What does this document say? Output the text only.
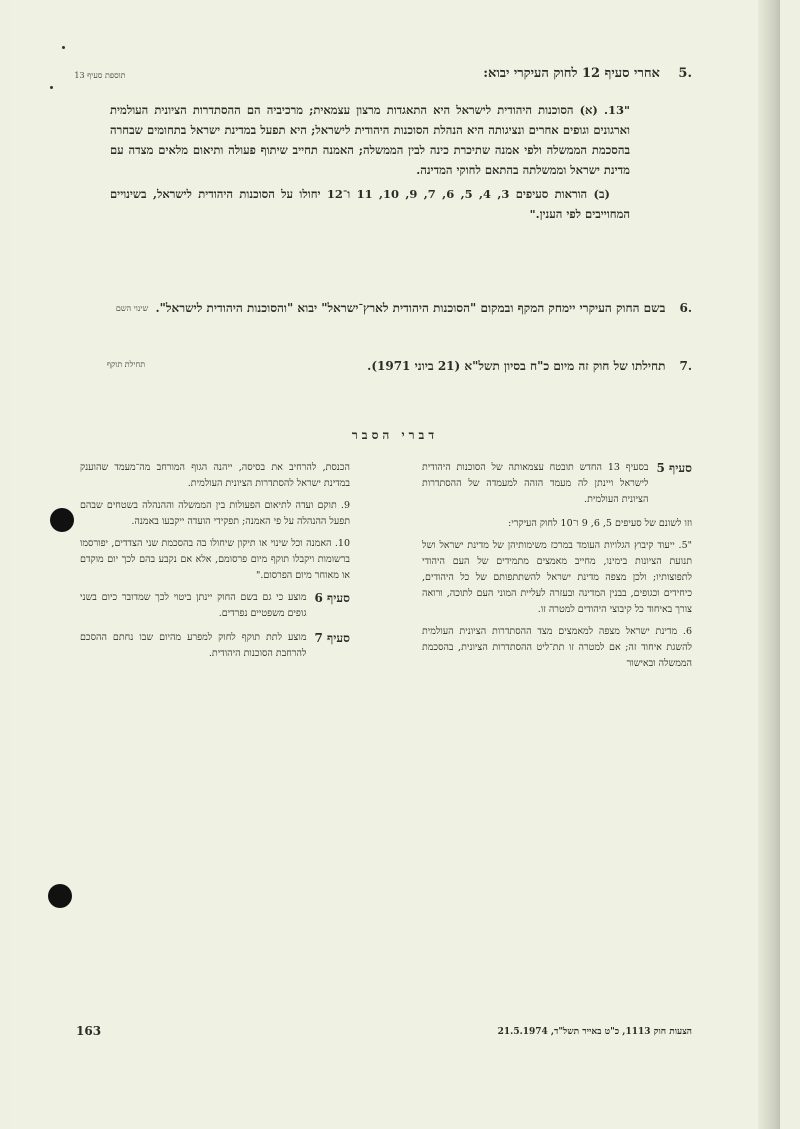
תוספת סעיף 13
שינוי השם
תחילת תוקף
.5 אחרי סעיף 12 לחוק העיקרי יבוא:

"13. (א) הסוכנות היהודית לישראל היא התאגדות מרצון עצמאית; מרכיביה הם ההסתדרות הציונית העולמית וארגונים וגופים אחרים ונציגותה היא הנהלת הסוכנות היהודית לישראל; היא תפעל במדינת ישראל בתחומים שבחרה בהסכמת הממשלה ולפי אמנה שתיכרת כינה לבין הממשלה; האמנה תחייב שיתוף פעולה ותיאום מלאים מצדה עם מדינת ישראל וממשלתה בהתאם לחוקי המדינה.

(ב) הוראות סעיפים 3, 4, 5, 6, 7, 9, 10, 11 ו־12 יחולו על הסוכנות היהודית לישראל, בשינויים המחוייבים לפי הענין."

.6בשם החוק העיקרי יימחק המקף ובמקום "הסוכנות היהודית לארץ־ישראל" יבוא "והסוכנות היהודית לישראל".
.7תחילתו של חוק זה מיום כ"ח בסיון תשל"א (21 ביוני 1971).
דברי הסבר
סעיף 5
בסעיף 13 החדש תובטח עצמאותה של הסוכנות היהודית לישראל ויינתן לה מעמד הזהה למעמדה של ההסתדרות הציונית העולמית.

וזו לשונם של סעיפים 5, 6, 9 ו־10 לחוק העיקרי:

"5. ייעוד קיבוץ הגלויות העומד במרכז משימותיהן של מדינת ישראל ושל תנועת הציונות בימינו, מחייב מאמצים מתמידים של העם היהודי לתפוצותיו; ולכן מצפה מדינת ישראל להשתתפותם של כל היהודים, כיחידים וכגופים, בבנין המדינה ובעזרה לעליית המוני העם לתוכה, ורואה צורך באיחוד כל קיבוצי היהודים למטרה זו.

6. מדינת ישראל מצפה למאמצים מצד ההסתדרות הציונית העולמית להשגת איחוד זה; אם למטרה זו תת־ליט ההסתדרות הציונית, בהסכמת הממשלה ובאישור

הכנסת, להרחיב את בסיסה, ייהנה הגוף המורחב מה־מעמד שהוענק במדינת ישראל להסתדרות הציונית העולמית.

9. תוקם ועדה לתיאום הפעולות בין הממשלה וההנהלה בשטחים שבהם תפעל ההנהלה על פי האמנה; תפקידי הועדה ייקבעו באמנה.

10. האמנה וכל שינוי או תיקון שיחולו בה בהסכמת שני הצדדים, יפורסמו ברשומות ויקבלו תוקף מיום פרסומם, אלא אם נקבע בהם לכך יום מוקדם או מאוחר מיום הפרסום."

סעיף 6
מוצע כי גם בשם החוק יינתן ביטוי לכך שמדובר כיום בשני גופים משפטיים נפרדים.
סעיף 7
מוצע לתת תוקף לחוק למפרע מהיום שבו נחתם ההסכם להרחבת הסוכנות היהודית.
163	הצעות חוק 1113, כ"ט באייר תשל"ד, 21.5.1974
